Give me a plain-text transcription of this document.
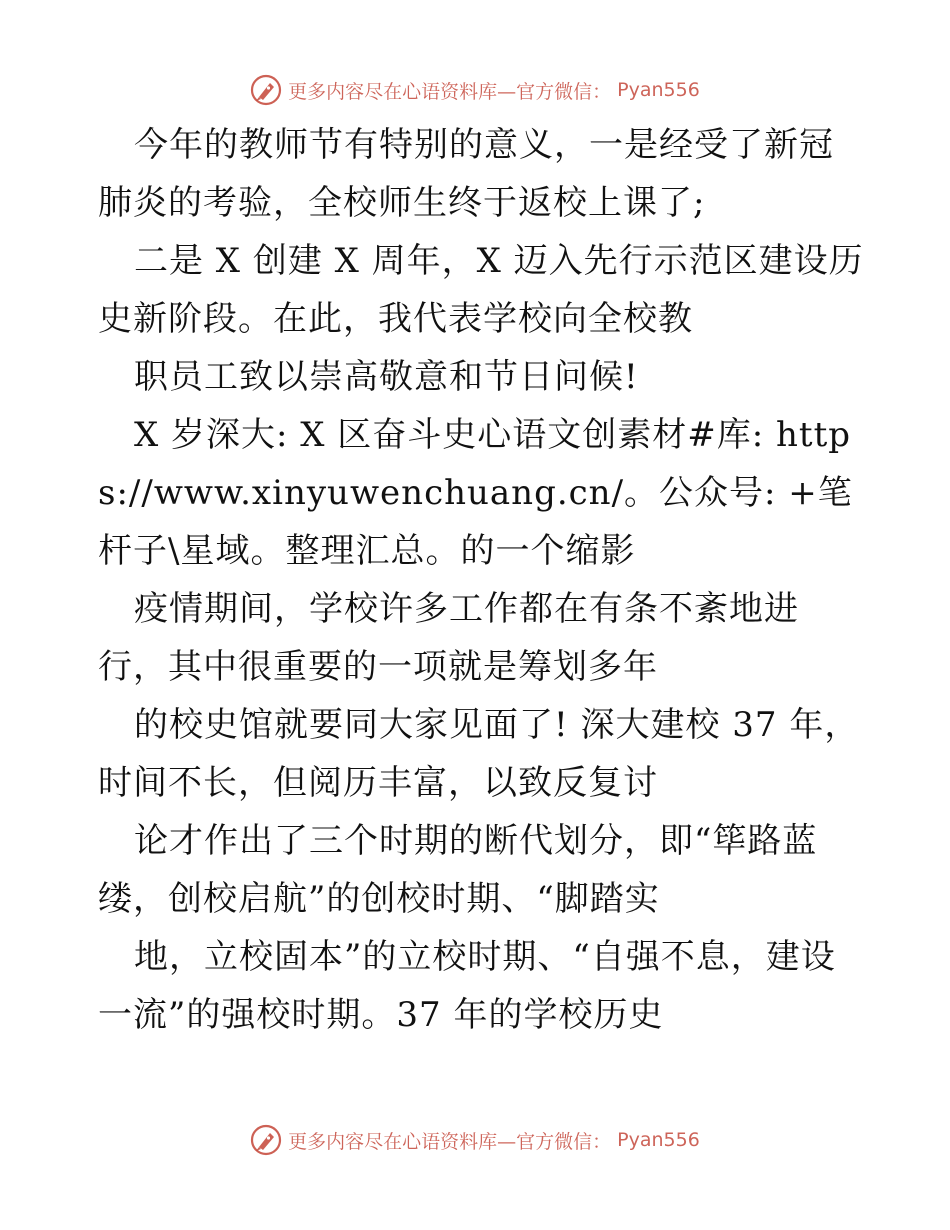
更多内容尽在心语资料库—官方微信： Pyan556

今年的教师节有特别的意义，一是经受了新冠肺炎的考验，全校师生终于返校上课了;

二是 X 创建 X 周年，X 迈入先行示范区建设历史新阶段。在此，我代表学校向全校教

职员工致以崇高敬意和节日问候!

X 岁深大: X 区奋斗史心语文创素材#库: https://www.xinyuwenchuang.cn/。公众号: +笔杆子\星域。整理汇总。的一个缩影

疫情期间，学校许多工作都在有条不紊地进行，其中很重要的一项就是筹划多年

的校史馆就要同大家见面了! 深大建校 37 年，时间不长，但阅历丰富，以致反复讨

论才作出了三个时期的断代划分，即“筚路蓝缕，创校启航”的创校时期、“脚踏实

地，立校固本”的立校时期、“自强不息，建设一流”的强校时期。37 年的学校历史

更多内容尽在心语资料库—官方微信： Pyan556
